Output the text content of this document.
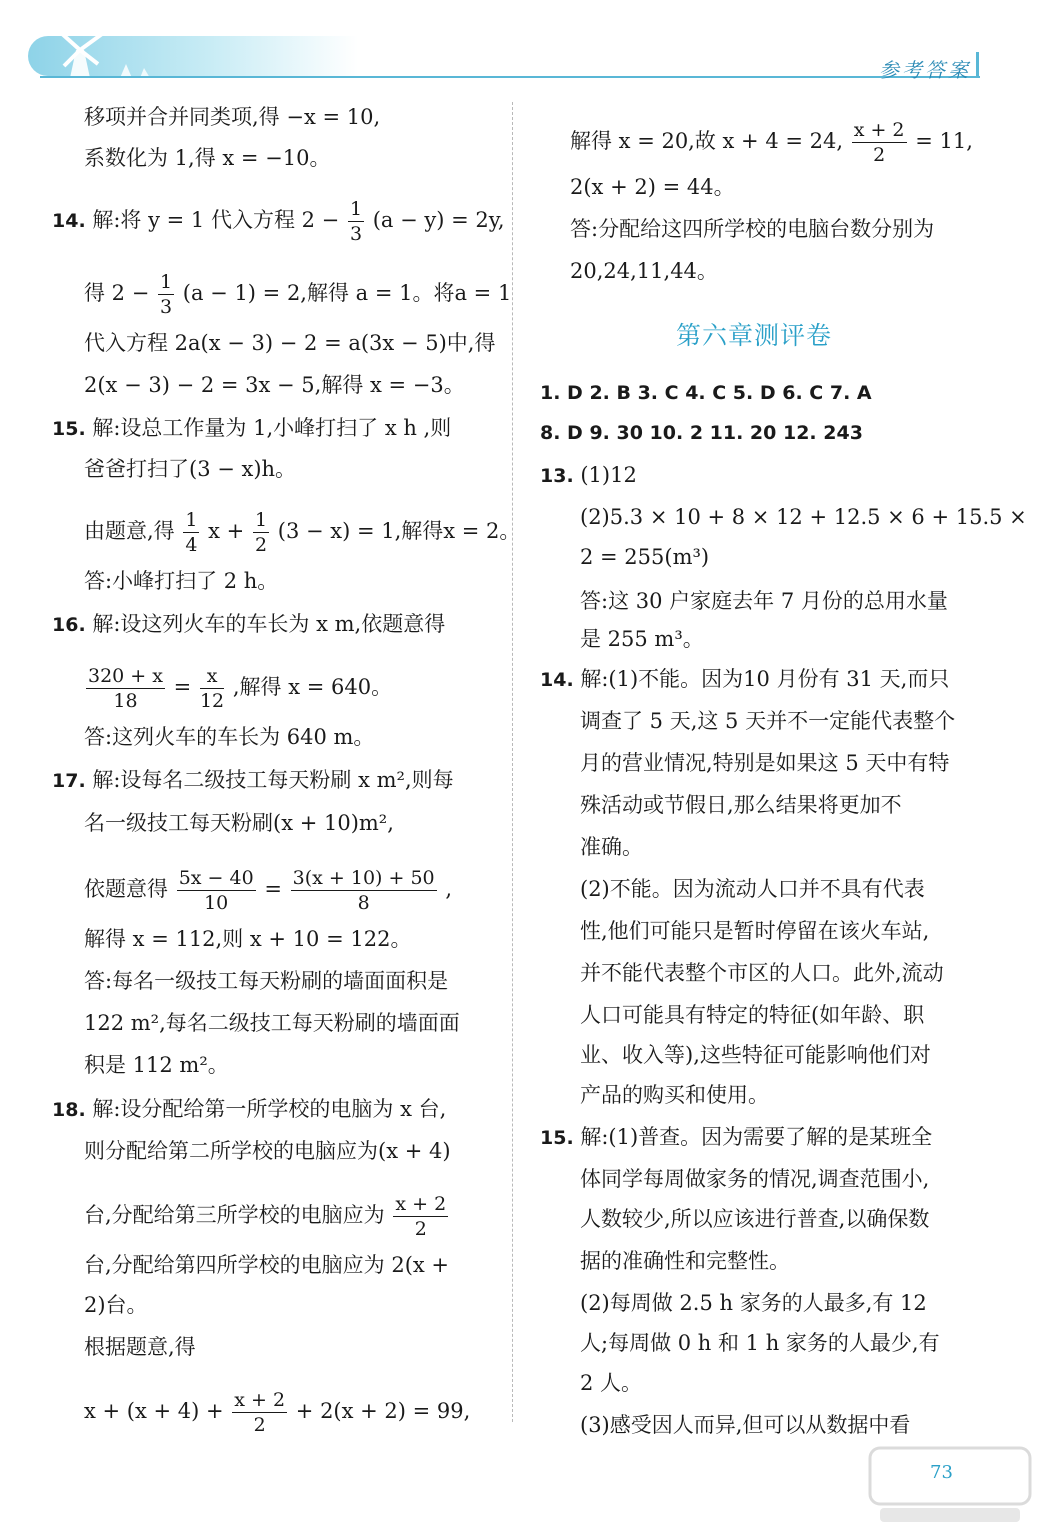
参考答案
移项并合并同类项,得 −x = 10,
系数化为 1,得 x = −10。
14. 解:将 y = 1 代入方程 $2 - \frac{1}{3} (a - y) = 2y$,
得 $2 - \frac{1}{3} (a - 1) = 2$,解得 a = 1。将a = 1
代入方程 2a(x − 3) − 2 = a(3x − 5)中,得
2(x − 3) − 2 = 3x − 5,解得 x = −3。
15. 解:设总工作量为 1,小峰打扫了 x h ,则
爸爸打扫了(3 − x)h。
由题意,得 $\frac{1}{4}$ $x + \frac{1}{2} (3 - x) = 1$,解得x = 2。
答:小峰打扫了 2 h。
16. 解:设这列火车的车长为 x m,依题意得
$\frac{320 + x}{18} = \frac{x}{12}$ ,解得 x = 640。
答:这列火车的车长为 640 m。
17. 解:设每名二级技工每天粉刷 x m²,则每
名一级技工每天粉刷(x + 10)m²,
依题意得 $\frac{5x - 40}{10} = \frac{3(x + 10) + 50}{8}$ ,
解得 x = 112,则 x + 10 = 122。
答:每名一级技工每天粉刷的墙面面积是
122 m²,每名二级技工每天粉刷的墙面面
积是 112 m²。
18. 解:设分配给第一所学校的电脑为 x 台,
则分配给第二所学校的电脑应为(x + 4)
台,分配给第三所学校的电脑应为 $\frac{x + 2}{2}$
台,分配给第四所学校的电脑应为 2(x +
2)台。
根据题意,得
$x + (x + 4) + \frac{x + 2}{2} + 2(x + 2) = 99$,
解得 x = 20,故 x + 4 = 24, $\frac{x + 2}{2} = 11$,
2(x + 2) = 44。
答:分配给这四所学校的电脑台数分别为
20,24,11,44。
1. D 2. B 3. C 4. C 5. D 6. C 7. A
8. D 9. 30 10. 2 11. 20 12. 243
13. (1)12
(2)5.3 × 10 + 8 × 12 + 12.5 × 6 + 15.5 ×
2 = 255(m³)
答:这 30 户家庭去年 7 月份的总用水量
是 255 m³。
14. 解:(1)不能。因为10 月份有 31 天,而只
调查了 5 天,这 5 天并不一定能代表整个
月的营业情况,特别是如果这 5 天中有特
殊活动或节假日,那么结果将更加不
准确。
(2)不能。因为流动人口并不具有代表
性,他们可能只是暂时停留在该火车站,
并不能代表整个市区的人口。此外,流动
人口可能具有特定的特征(如年龄、职
业、收入等),这些特征可能影响他们对
产品的购买和使用。
15. 解:(1)普查。因为需要了解的是某班全
体同学每周做家务的情况,调查范围小,
人数较少,所以应该进行普查,以确保数
据的准确性和完整性。
(2)每周做 2.5 h 家务的人最多,有 12
人;每周做 0 h 和 1 h 家务的人最少,有
2 人。
(3)感受因人而异,但可以从数据中看
第六章测评卷
73
